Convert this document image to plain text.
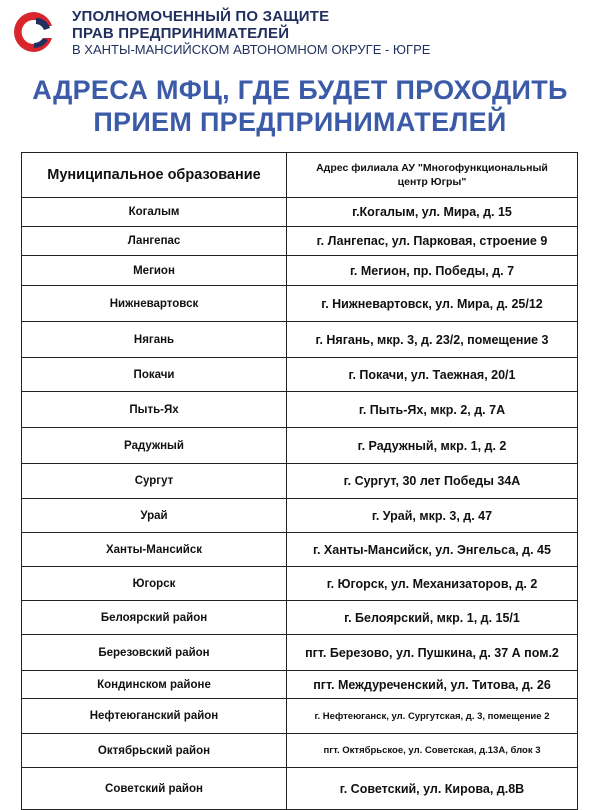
УПОЛНОМОЧЕННЫЙ ПО ЗАЩИТЕ
ПРАВ ПРЕДПРИНИМАТЕЛЕЙ
В ХАНТЫ-МАНСИЙСКОМ АВТОНОМНОМ ОКРУГЕ - ЮГРЕ
АДРЕСА МФЦ, ГДЕ БУДЕТ ПРОХОДИТЬ
ПРИЕМ ПРЕДПРИНИМАТЕЛЕЙ
Муниципальное образование	Адрес филиала АУ "Многофункциональный
центр Югры"
Когалым	г.Когалым, ул. Мира, д. 15
Лангепас	г. Лангепас, ул. Парковая, строение 9
Мегион	г. Мегион, пр. Победы, д. 7
Нижневартовск	г. Нижневартовск, ул. Мира, д. 25/12
Нягань	г. Нягань, мкр. 3, д. 23/2, помещение 3
Покачи	г. Покачи, ул. Таежная, 20/1
Пыть-Ях	г. Пыть-Ях, мкр. 2, д. 7А
Радужный	г. Радужный, мкр. 1, д. 2
Сургут	г. Сургут, 30 лет Победы 34А
Урай	г. Урай, мкр. 3, д. 47
Ханты-Мансийск	г. Ханты-Мансийск, ул. Энгельса, д. 45
Югорск	г. Югорск, ул. Механизаторов, д. 2
Белоярский район	г. Белоярский, мкр. 1, д. 15/1
Березовский район	пгт. Березово, ул. Пушкина, д. 37 А пом.2
Кондинском районе	пгт. Междуреченский, ул. Титова, д. 26
Нефтеюганский район	г. Нефтеюганск, ул. Сургутская, д. 3, помещение 2
Октябрьский район	пгт. Октябрьское, ул. Советская, д.13А, блок 3
Советский район	г. Советский, ул. Кирова, д.8В
